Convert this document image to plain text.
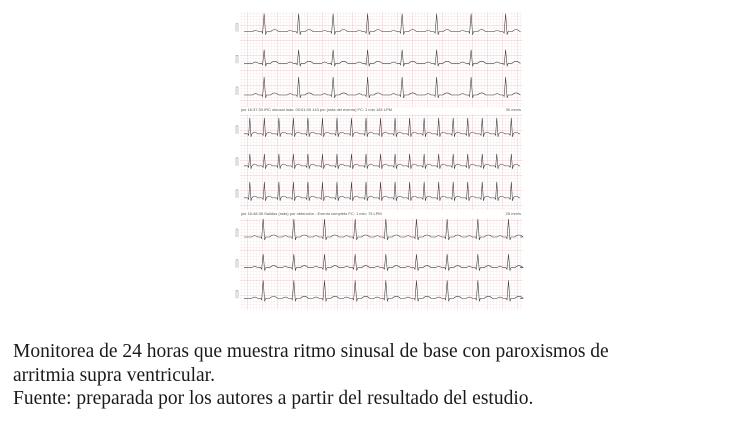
jue 16:37:33 IRC sinusal más: 00:01:00 143 pm (más del evento) FC: 1 min 145 LPM	30 mm/s
jue 16:48:35 Salidos (más) por obtención - Evento completo FC: 1 min: 79 LPM	25 mm/s
Monitorea de 24 horas que muestra ritmo sinusal de base con paroxismos de
arritmia supra ventricular.
Fuente: preparada por los autores a partir del resultado del estudio.
